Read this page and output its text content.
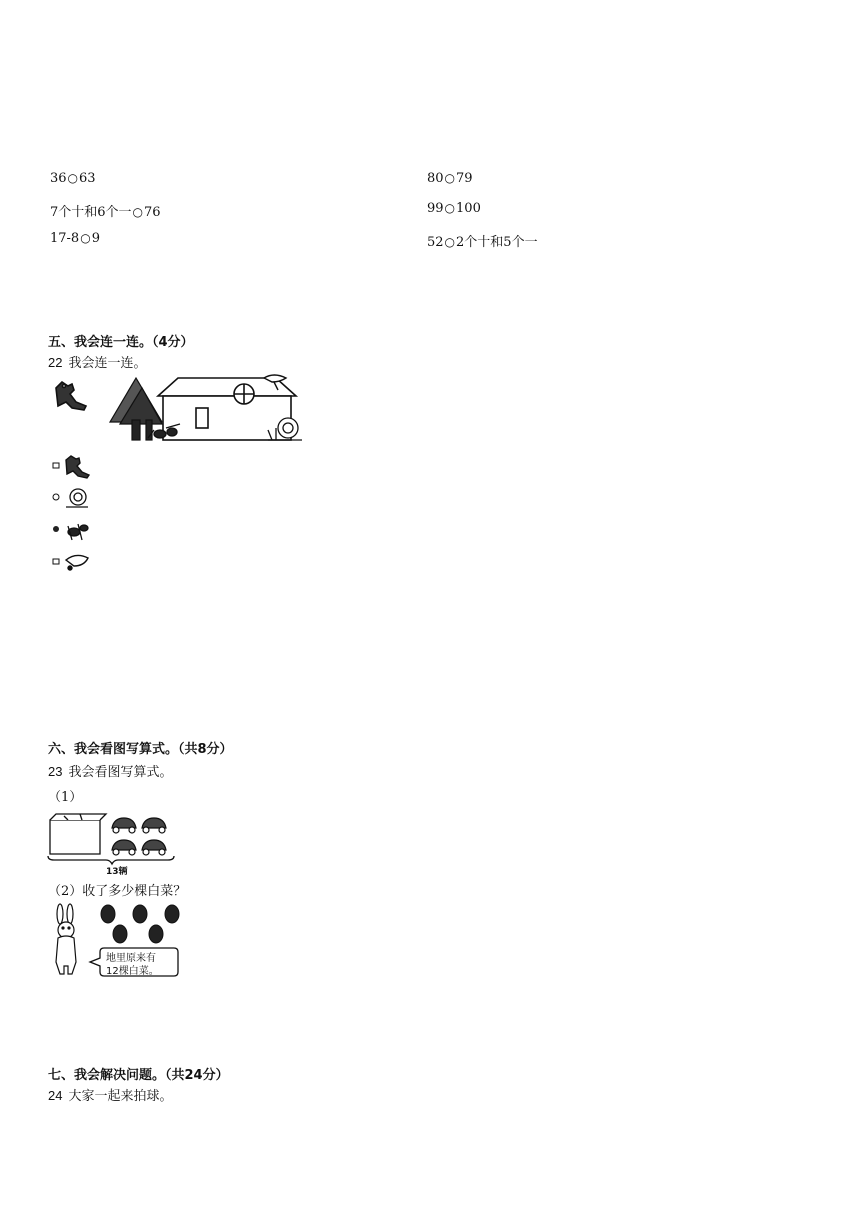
36○63
7个十和6个一○76
17-8○9
80○79
99○100
52○2个十和5个一
五、我会连一连。（4分）
22 我会连一连。
六、我会看图写算式。（共8分）
23 我会看图写算式。
（1）
13辆
（2）收了多少棵白菜？
地里原来有
12棵白菜。
七、我会解决问题。（共24分）
24 大家一起来拍球。
